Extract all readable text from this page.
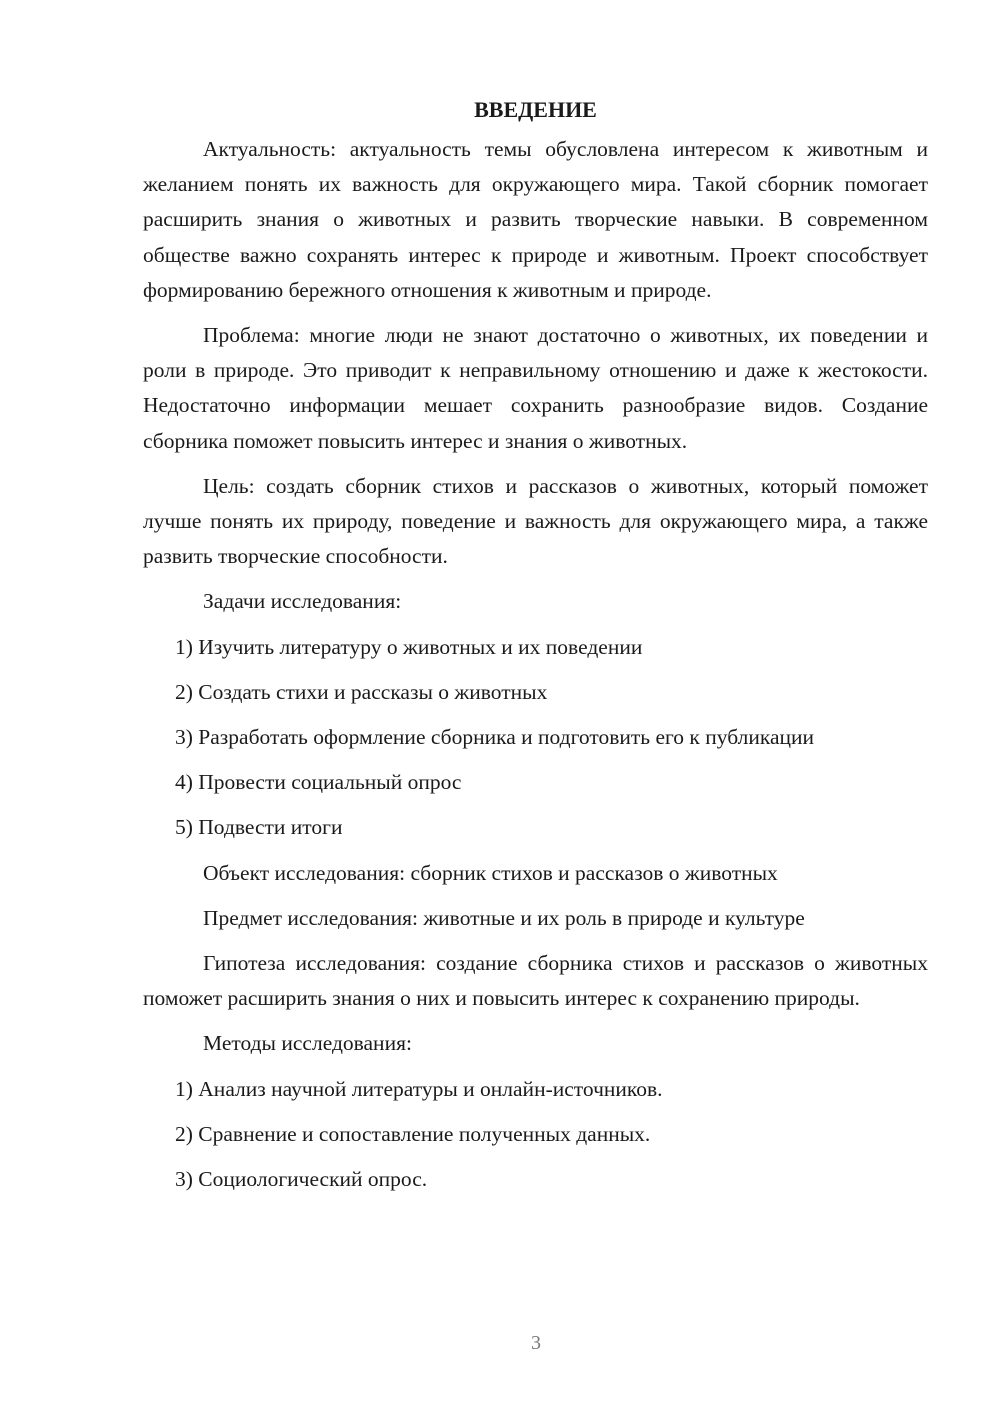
ВВЕДЕНИЕ

Актуальность: актуальность темы обусловлена интересом к животным и желанием понять их важность для окружающего мира. Такой сборник помогает расширить знания о животных и развить творческие навыки. В современном обществе важно сохранять интерес к природе и животным. Проект способствует формированию бережного отношения к животным и природе.

Проблема: многие люди не знают достаточно о животных, их поведении и роли в природе. Это приводит к неправильному отношению и даже к жестокости. Недостаточно информации мешает сохранить разнообразие видов. Создание сборника поможет повысить интерес и знания о животных.

Цель: создать сборник стихов и рассказов о животных, который поможет лучше понять их природу, поведение и важность для окружающего мира, а также развить творческие способности.

Задачи исследования:

1) Изучить литературу о животных и их поведении
2) Создать стихи и рассказы о животных
3) Разработать оформление сборника и подготовить его к публикации
4) Провести социальный опрос
5) Подвести итоги

Объект исследования: сборник стихов и рассказов о животных

Предмет исследования: животные и их роль в природе и культуре

Гипотеза исследования: создание сборника стихов и рассказов о животных поможет расширить знания о них и повысить интерес к сохранению природы.

Методы исследования:

1) Анализ научной литературы и онлайн-источников.
2) Сравнение и сопоставление полученных данных.
3) Социологический опрос.
3
